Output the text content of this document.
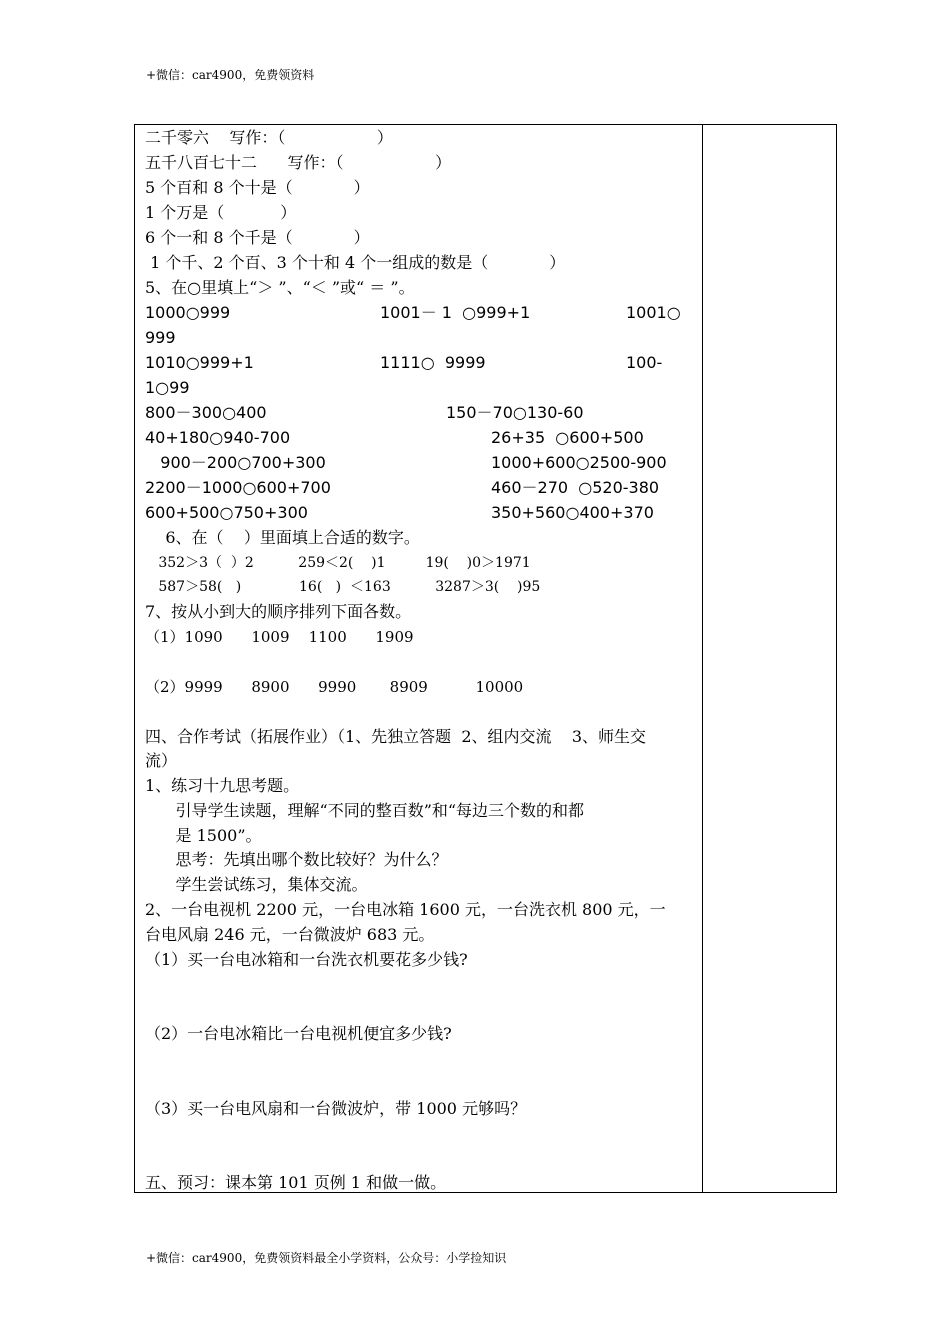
+微信：car4900，免费领资料
二千零六    写作：（                  ）
五千八百七十二      写作：（                  ）
5 个百和 8 个十是（            ）
1 个万是（           ）
6 个一和 8 个千是（            ）
1 个千、2 个百、3 个十和 4 个一组成的数是（            ）
5、在○里填上“＞ ”、“＜ ”或“ ＝ ”。
1000○999	1001－ 1  ○999+1	1001○
999
1010○999+1	1111○  9999	100-
1○99
800－300○400	150－70○130-60
40+180○940-700	26+35  ○600+500
900－200○700+300	1000+600○2500-900
2200－1000○600+700	460－270  ○520-380
600+500○750+300	350+560○400+370
6、在（    ）里面填上合适的数字。
352＞3（  ）2          259＜2(    )1         19(    )0＞1971
587＞58(   )             16(   )  ＜163          3287＞3(    )95
7、按从小到大的顺序排列下面各数。
（1）1090      1009    1100      1909
（2）9999      8900      9990       8909          10000
四、合作考试（拓展作业）（1、先独立答题  2、组内交流    3、师生交
流）
1、练习十九思考题。
引导学生读题，理解“不同的整百数”和“每边三个数的和都
是 1500”。
思考：先填出哪个数比较好？为什么？
学生尝试练习，集体交流。
2、一台电视机 2200 元，一台电冰箱 1600 元，一台洗衣机 800 元，一
台电风扇 246 元，一台微波炉 683 元。
（1）买一台电冰箱和一台洗衣机要花多少钱?
（2）一台电冰箱比一台电视机便宜多少钱?
（3）买一台电风扇和一台微波炉，带 1000 元够吗？
五、预习：课本第 101 页例 1 和做一做。
+微信：car4900，免费领资料最全小学资料，公众号：小学捡知识
